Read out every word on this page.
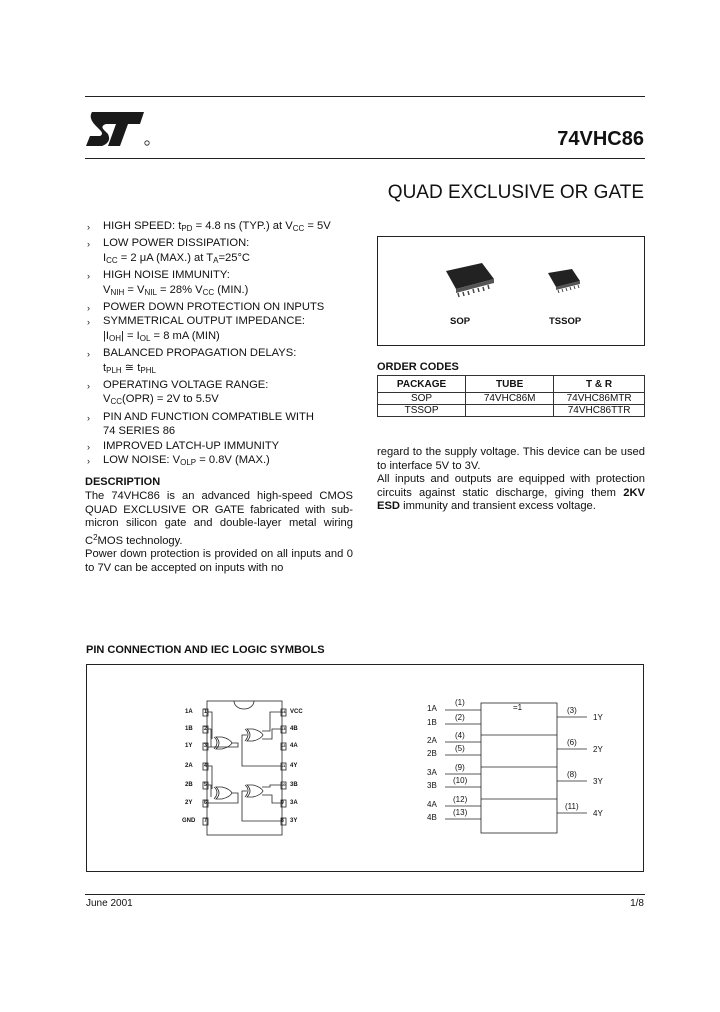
74VHC86
QUAD EXCLUSIVE OR GATE
› HIGH SPEED: $t_{PD} = 4.8$ ns (TYP.) at $V_{CC} = 5V$
› LOW POWER DISSIPATION:
$I_{CC} = 2$ μA (MAX.) at $T_A=25^\circ C$
› HIGH NOISE IMMUNITY:
$V_{NIH} = V_{NIL} = 28\%$ $V_{CC}$ (MIN.)
› POWER DOWN PROTECTION ON INPUTS
› SYMMETRICAL OUTPUT IMPEDANCE:
$|I_{OH}| = I_{OL} = 8$ mA (MIN)
› BALANCED PROPAGATION DELAYS:
$t_{PLH}$ ≅ $t_{PHL}$
› OPERATING VOLTAGE RANGE:
$V_{CC}(OPR) = 2V$ to 5.5V
› PIN AND FUNCTION COMPATIBLE WITH
74 SERIES 86
› IMPROVED LATCH-UP IMMUNITY
› LOW NOISE: $V_{OLP} = 0.8V$ (MAX.)
DESCRIPTION
The 74VHC86 is an advanced high-speed CMOS QUAD EXCLUSIVE OR GATE fabricated with sub-micron silicon gate and double-layer metal wiring $C^2MOS$ technology.
Power down protection is provided on all inputs and 0 to 7V can be accepted on inputs with no
regard to the supply voltage. This device can be used to interface 5V to 3V.
All inputs and outputs are equipped with protection circuits against static discharge, giving them 2KV ESD immunity and transient excess voltage.
SOP	TSSOP
ORDER CODES
PACKAGE	TUBE	T & R
SOP	74VHC86M	74VHC86MTR
TSSOP		74VHC86TTR
PIN CONNECTION AND IEC LOGIC SYMBOLS
1A
1B
1Y
2A
2B
2Y
GND
VCC
4B
4A
4Y
3B
3A
3Y
1
2
3
4
5
6
7
14
13
12
11
10
9
8
=1
1A
1B
2A
2B
3A
3B
4A
4B
(1)
(2)
(4)
(5)
(9)
(10)
(12)
(13)
(3)
(6)
(8)
(11)
1Y
2Y
3Y
4Y
June 2001	1/8
